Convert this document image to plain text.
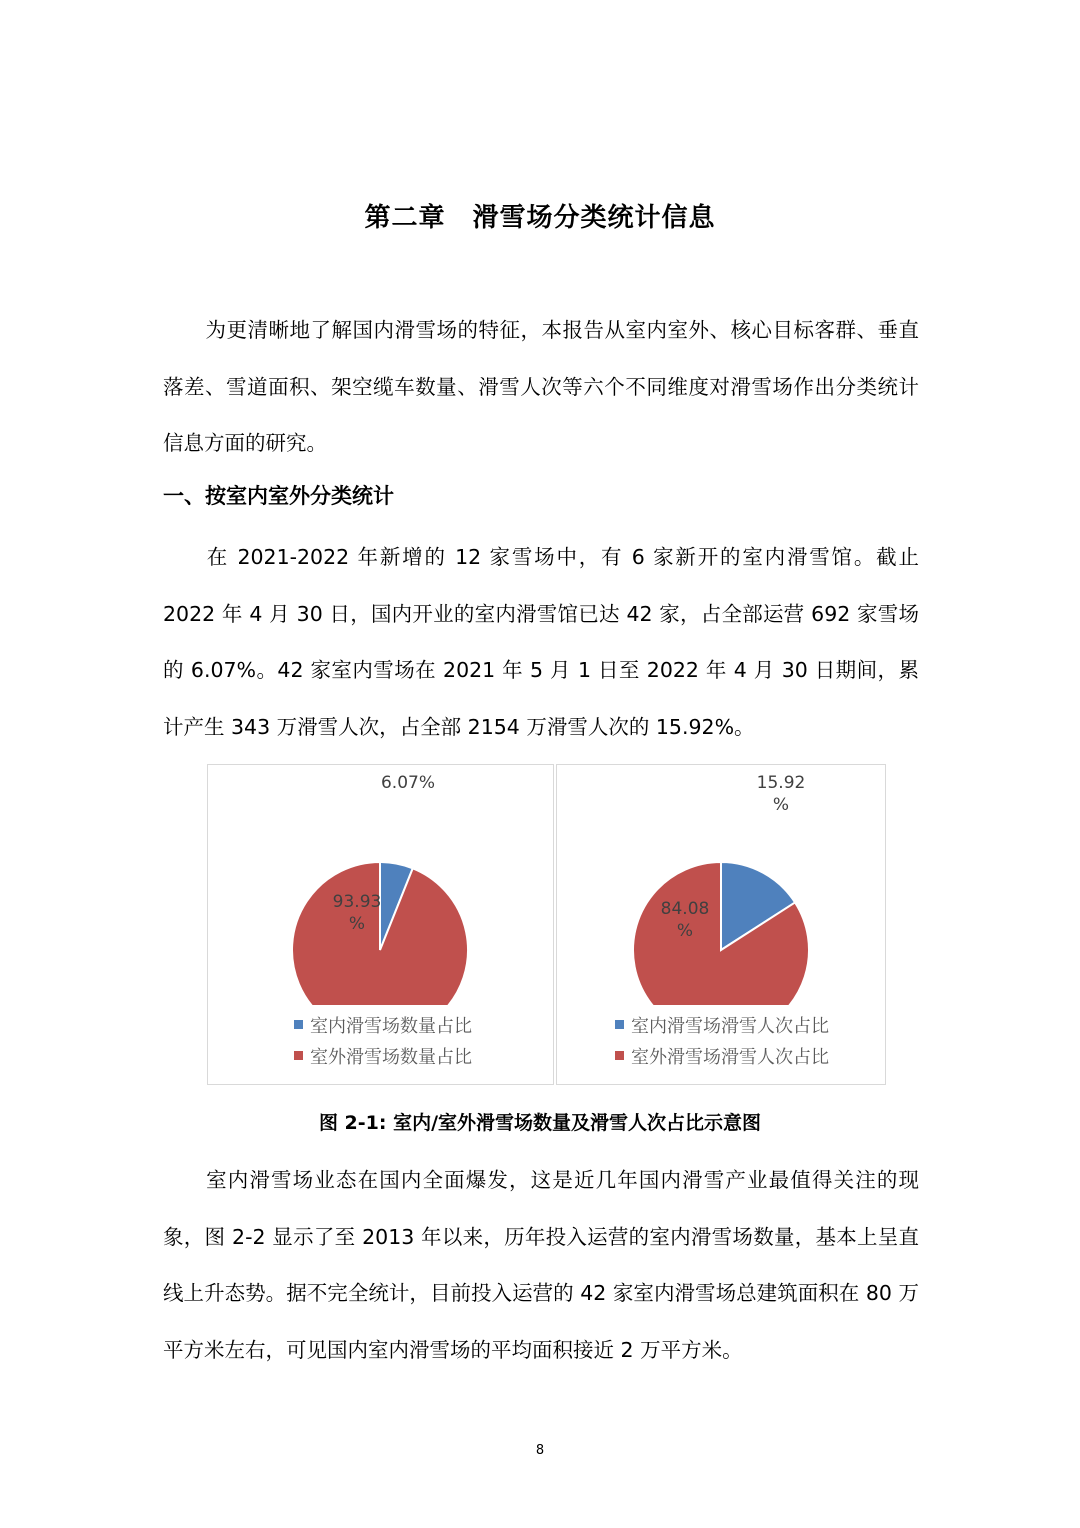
第二章　滑雪场分类统计信息

为更清晰地了解国内滑雪场的特征，本报告从室内室外、核心目标客群、垂直落差、雪道面积、架空缆车数量、滑雪人次等六个不同维度对滑雪场作出分类统计信息方面的研究。

一、按室内室外分类统计

在 2021-2022 年新增的 12 家雪场中，有 6 家新开的室内滑雪馆。截止 2022 年 4 月 30 日，国内开业的室内滑雪馆已达 42 家，占全部运营 692 家雪场的 6.07%。42 家室内雪场在 2021 年 5 月 1 日至 2022 年 4 月 30 日期间，累计产生 343 万滑雪人次，占全部 2154 万滑雪人次的 15.92%。

6.07%
93.93 %
室内滑雪场数量占比
室外滑雪场数量占比
15.92 %
84.08 %
室内滑雪场滑雪人次占比
室外滑雪场滑雪人次占比
图 2-1: 室内/室外滑雪场数量及滑雪人次占比示意图

室内滑雪场业态在国内全面爆发，这是近几年国内滑雪产业最值得关注的现象，图 2-2 显示了至 2013 年以来，历年投入运营的室内滑雪场数量，基本上呈直线上升态势。据不完全统计，目前投入运营的 42 家室内滑雪场总建筑面积在 80 万平方米左右，可见国内室内滑雪场的平均面积接近 2 万平方米。

8
